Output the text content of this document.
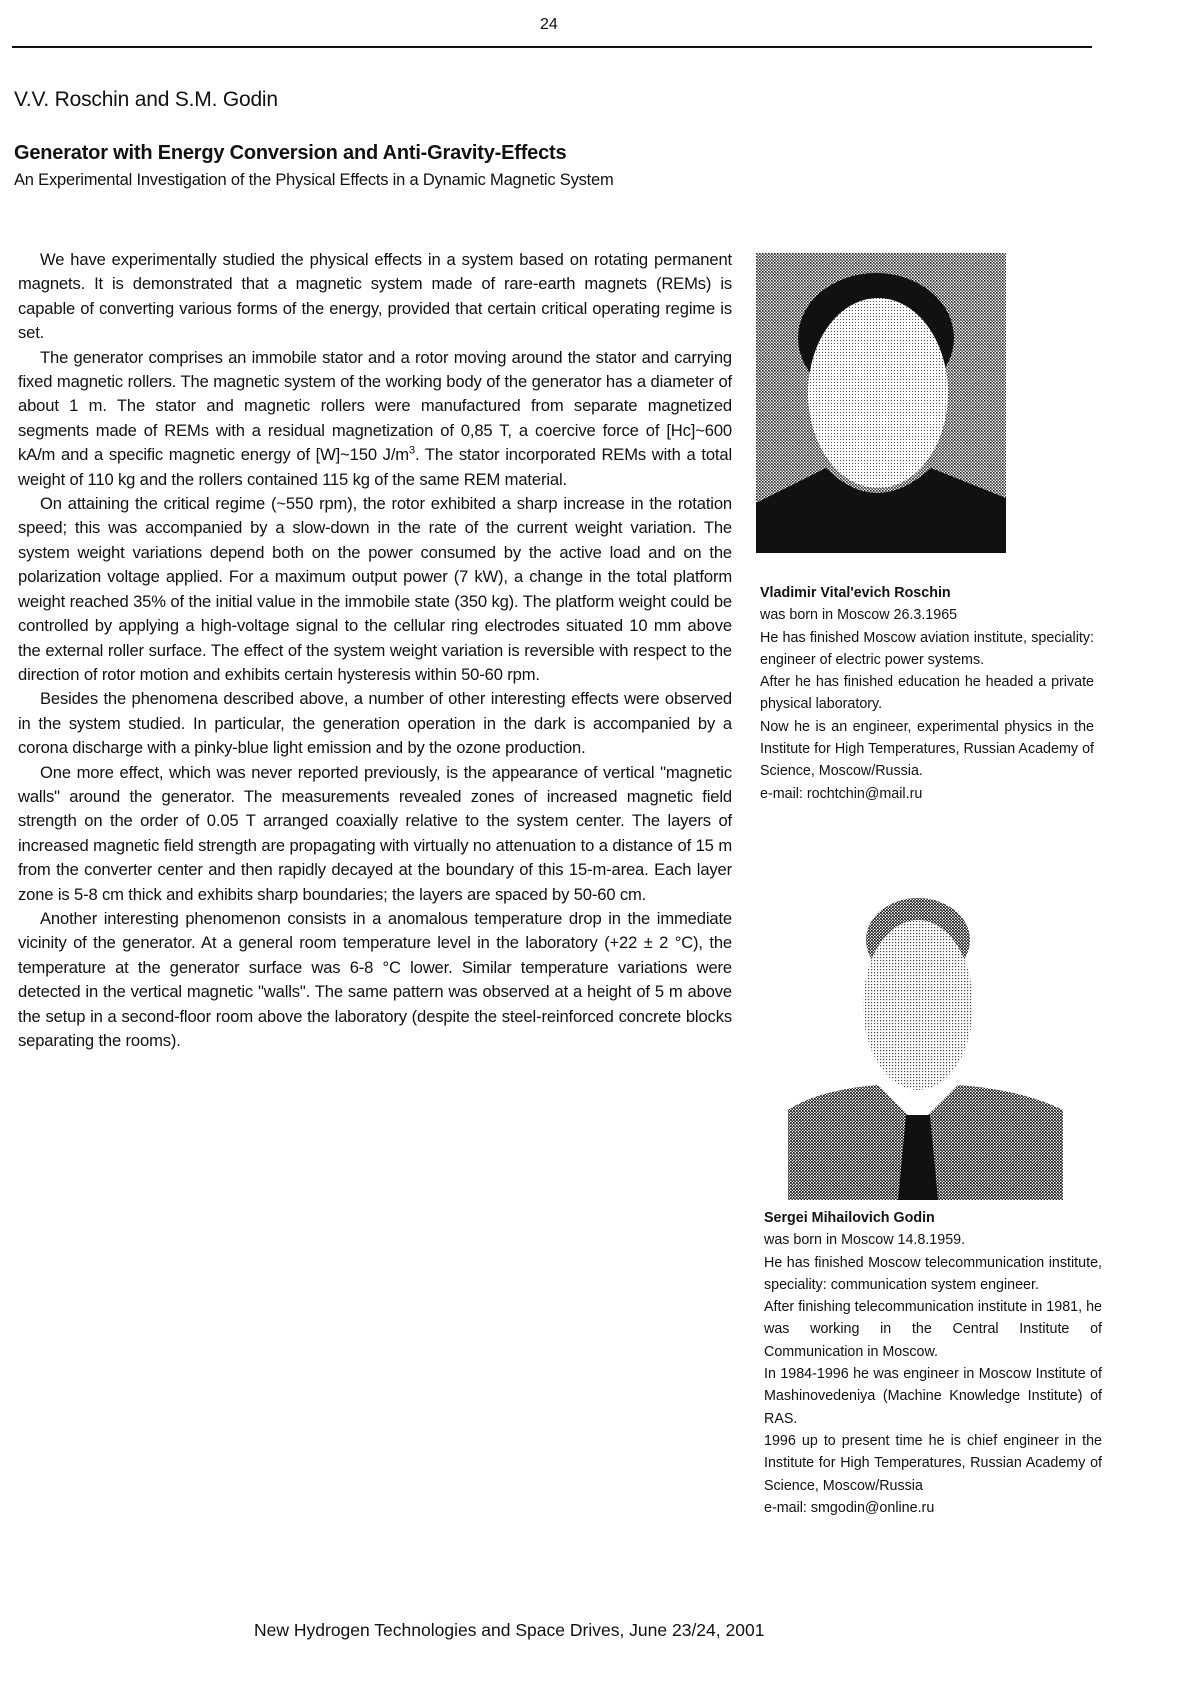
24
V.V. Roschin and S.M. Godin
Generator with Energy Conversion and Anti-Gravity-Effects
An Experimental Investigation of the Physical Effects in a Dynamic Magnetic System

We have experimentally studied the physical effects in a system based on rotating permanent magnets. It is demonstrated that a magnetic system made of rare-earth magnets (REMs) is capable of converting various forms of the energy, provided that certain critical operating regime is set.

The generator comprises an immobile stator and a rotor moving around the stator and carrying fixed magnetic rollers. The magnetic system of the working body of the generator has a diameter of about 1 m. The stator and magnetic rollers were manufactured from separate magnetized segments made of REMs with a residual magnetization of 0,85 T, a coercive force of [Hc]~600 kA/m and a specific magnetic energy of [W]~150 $J/m^3$. The stator incorporated REMs with a total weight of 110 kg and the rollers contained 115 kg of the same REM material.

On attaining the critical regime (~550 rpm), the rotor exhibited a sharp increase in the rotation speed; this was accompanied by a slow-down in the rate of the current weight variation. The system weight variations depend both on the power consumed by the active load and on the polarization voltage applied. For a maximum output power (7 kW), a change in the total platform weight reached 35% of the initial value in the immobile state (350 kg). The platform weight could be controlled by applying a high-voltage signal to the cellular ring electrodes situated 10 mm above the external roller surface. The effect of the system weight variation is reversible with respect to the direction of rotor motion and exhibits certain hysteresis within 50-60 rpm.

Besides the phenomena described above, a number of other interesting effects were observed in the system studied. In particular, the generation operation in the dark is accompanied by a corona discharge with a pinky-blue light emission and by the ozone production.

One more effect, which was never reported previously, is the appearance of vertical "magnetic walls" around the generator. The measurements revealed zones of increased magnetic field strength on the order of 0.05 T arranged coaxially relative to the system center. The layers of increased magnetic field strength are propagating with virtually no attenuation to a distance of 15 m from the converter center and then rapidly decayed at the boundary of this 15-m-area. Each layer zone is 5-8 cm thick and exhibits sharp boundaries; the layers are spaced by 50-60 cm.

Another interesting phenomenon consists in a anomalous temperature drop in the immediate vicinity of the generator. At a general room temperature level in the laboratory (+22 ± 2 °C), the temperature at the generator surface was 6-8 °C lower. Similar temperature variations were detected in the vertical magnetic "walls". The same pattern was observed at a height of 5 m above the setup in a second-floor room above the laboratory (despite the steel-reinforced concrete blocks separating the rooms).

Vladimir Vital'evich Roschin
was born in Moscow 26.3.1965
He has finished Moscow aviation institute, speciality: engineer of electric power systems.
After he has finished education he headed a private physical laboratory.
Now he is an engineer, experimental physics in the Institute for High Temperatures, Russian Academy of Science, Moscow/Russia.
e-mail: rochtchin@mail.ru
Sergei Mihailovich Godin
was born in Moscow 14.8.1959.
He has finished Moscow telecommunication institute, speciality: communication system engineer.
After finishing telecommunication institute in 1981, he was working in the Central Institute of Communication in Moscow.
In 1984-1996 he was engineer in Moscow Institute of Mashinovedeniya (Machine Knowledge Institute) of RAS.
1996 up to present time he is chief engineer in the Institute for High Temperatures, Russian Academy of Science, Moscow/Russia
e-mail: smgodin@online.ru
New Hydrogen Technologies and Space Drives, June 23/24, 2001
